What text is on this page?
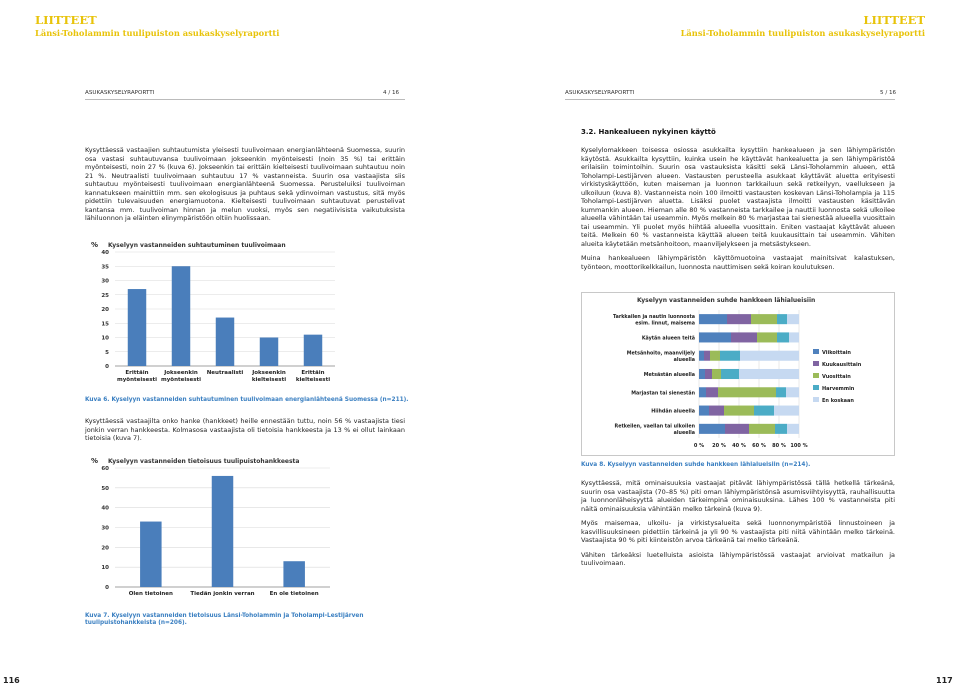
LIITTEET
Länsi-Toholammin tuulipuiston asukaskyselyraportti
LIITTEET
Länsi-Toholammin tuulipuiston asukaskyselyraportti
ASUKASKYSELYRAPORTTI	4 / 16

Kysyttäessä vastaajien suhtautumista yleisesti tuulivoimaan energianlähteenä Suomessa, suurin osa vastasi suhtautuvansa tuulivoimaan jokseenkin myönteisesti (noin 35 %) tai erittäin myönteisesti, noin 27 % (kuva 6). Jokseenkin tai erittäin kielteisesti tuulivoimaan suhtautuu noin 21 %. Neutraalisti tuulivoimaan suhtautuu 17 % vastanneista. Suurin osa vastaajista siis suhtautuu myönteisesti tuulivoimaan energianlähteenä Suomessa. Perusteluiksi tuulivoiman kannatukseen mainittiin mm. sen ekologisuus ja puhtaus sekä ydinvoiman vastustus, sitä myös pidettiin tulevaisuuden energiamuotona. Kielteisesti tuulivoimaan suhtautuvat perustelivat kantansa mm. tuulivoiman hinnan ja melun vuoksi, myös sen negatiivisista vaikutuksista lähiluonnon ja eläinten elinympäristöön oltiin huolissaan.

% Kyselyyn vastanneiden suhtautuminen tuulivoimaan
0
5
10
15
20
25
30
35
40
Erittäin
myönteisesti
Jokseenkin
myönteisesti
Neutraalisti Jokseenkin
kielteisesti
Erittäin
kielteisesti
Kuva 6. Kyselyyn vastanneiden suhtautuminen tuulivoimaan energianlähteenä Suomessa (n=211).

Kysyttäessä vastaajilta onko hanke (hankkeet) heille ennestään tuttu, noin 56 % vastaajista tiesi jonkin verran hankkeesta. Kolmasosa vastaajista oli tietoisia hankkeesta ja 13 % ei ollut lainkaan tietoisia (kuva 7).

% Kyselyyn vastanneiden tietoisuus tuulipuistohankkeesta
0
10
20
30
40
50
60
Olen tietoinen	Tiedän jonkin verran	En ole tietoinen
Kuva 7. Kyselyyn vastanneiden tietoisuus Länsi-Toholammin ja Toholampi-Lestijärven tuulipuistohankkeista (n=206).
116
ASUKASKYSELYRAPORTTI	5 / 16
3.2. Hankealueen nykyinen käyttö

Kyselylomakkeen toisessa osiossa asukkailta kysyttiin hankealueen ja sen lähiympäristön käytöstä. Asukkailta kysyttiin, kuinka usein he käyttävät hankealuetta ja sen lähiympäristöä erilaisiin toimintoihin. Suurin osa vastauksista käsitti sekä Länsi-Toholammin alueen, että Toholampi-Lestijärven alueen. Vastausten perusteella asukkaat käyttävät aluetta erityisesti virkistyskäyttöön, kuten maiseman ja luonnon tarkkailuun sekä retkeilyyn, vaellukseen ja ulkoiluun (kuva 8). Vastanneista noin 100 ilmoitti vastausten koskevan Länsi-Toholampia ja 115 Toholampi-Lestijärven aluetta. Lisäksi puolet vastaajista ilmoitti vastausten käsittävän kummankin alueen. Hieman alle 80 % vastanneista tarkkailee ja nauttii luonnosta sekä ulkoilee alueella vähintään tai useammin. Myös melkein 80 % marjastaa tai sienestää alueella vuosittain tai useammin. Yli puolet myös hiihtää alueella vuosittain. Eniten vastaajat käyttävät alueen teitä. Melkein 60 % vastanneista käyttää alueen teitä kuukausittain tai useammin. Vähiten alueita käytetään metsänhoitoon, maanviljelykseen ja metsästykseen.

Muina hankealueen lähiympäristön käyttömuotoina vastaajat mainitsivat kalastuksen, työnteon, moottorikelkkailun, luonnosta nauttimisen sekä koiran koulutuksen.

Kyselyyn vastanneiden suhde hankkeen lähialueisiin
0 % 20 % 40 % 60 % 80 % 100 %
Tarkkailen ja nautin luonnosta
esim. linnut, maisema
Käytän alueen teitä
Metsänhoito, maanviljely
alueella
Metsästän alueella
Marjastan tai sienestän
Hiihdän alueella
Retkeilen, vaellan tai ulkoilen
alueella
Viikoittain
Kuukausittain
Vuosittain
Harvemmin
En koskaan
Kuva 8. Kyselyyn vastanneiden suhde hankkeen lähialueisiin (n=214).

Kysyttäessä, mitä ominaisuuksia vastaajat pitävät lähiympäristössä tällä hetkellä tärkeänä, suurin osa vastaajista (70–85 %) piti oman lähiympäristönsä asumisviihtyisyyttä, rauhallisuutta ja luonnonläheisyyttä alueiden tärkeimpinä ominaisuuksina. Lähes 100 % vastanneista piti näitä ominaisuuksia vähintään melko tärkeinä (kuva 9).

Myös maisemaa, ulkoilu- ja virkistysalueita sekä luonnonympäristöä linnustoineen ja kasvillisuuksineen pidettiin tärkeinä ja yli 90 % vastaajista piti niitä vähintään melko tärkeinä. Vastaajista 90 % piti kiinteistön arvoa tärkeänä tai melko tärkeänä.

Vähiten tärkeäksi luetelluista asioista lähiympäristössä vastaajat arvioivat matkailun ja tuulivoimaan.

117
